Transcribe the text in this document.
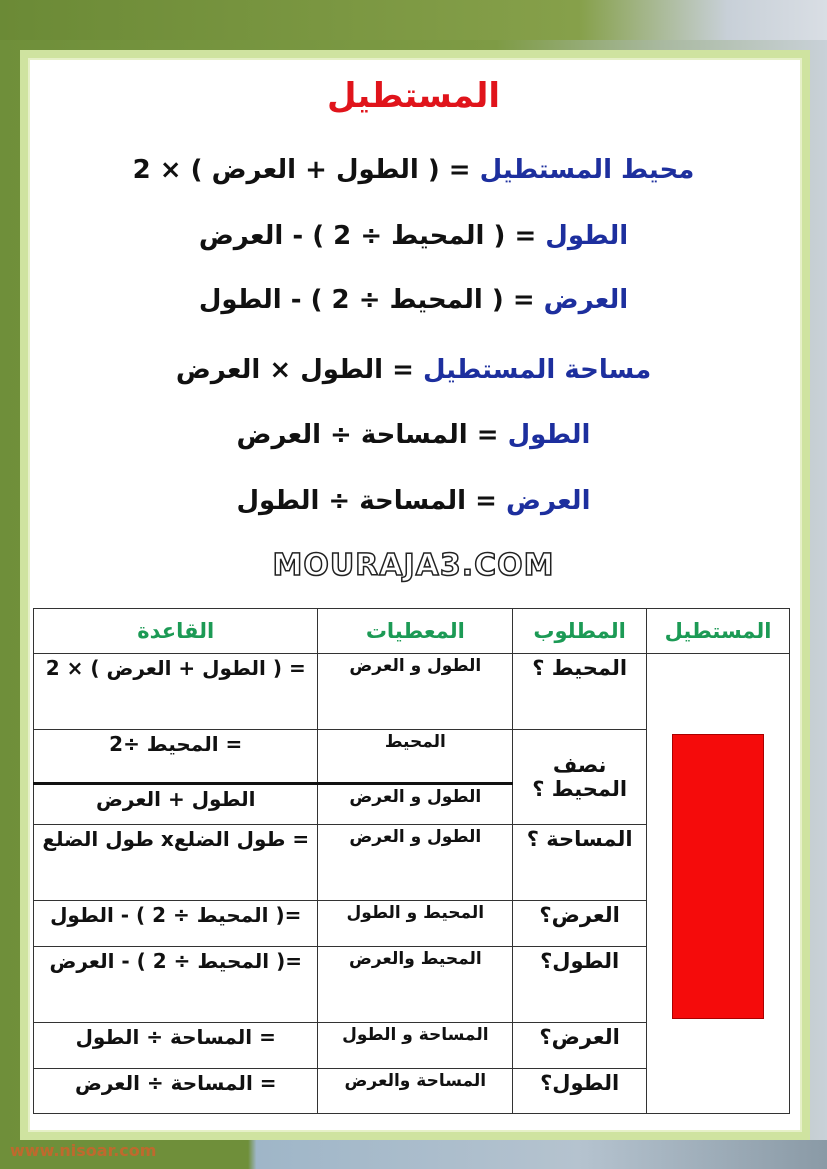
www.nisoar.com
المستطيل
محيط المستطيل = ( الطول + العرض ) × 2
الطول = ( المحيط ÷ 2 ) - العرض
العرض = ( المحيط ÷ 2 ) - الطول
مساحة المستطيل = الطول × العرض
الطول = المساحة ÷ العرض
العرض = المساحة ÷ الطول
MOURAJA3.COM
المستطيل	المطلوب	المعطيات	القاعدة

	المحيط ؟	الطول و العرض	= ( الطول + العرض ) × 2
	نصف المحيط ؟	المحيط	= المحيط ÷2
		الطول و العرض	الطول + العرض
	المساحة ؟	الطول و العرض	= طول الضلعx طول الضلع
	العرض؟	المحيط و الطول	=( المحيط ÷ 2 ) - الطول
	الطول؟	المحيط والعرض	=( المحيط ÷ 2 ) - العرض
	العرض؟	المساحة و الطول	= المساحة ÷ الطول
	الطول؟	المساحة والعرض	= المساحة ÷ العرض
